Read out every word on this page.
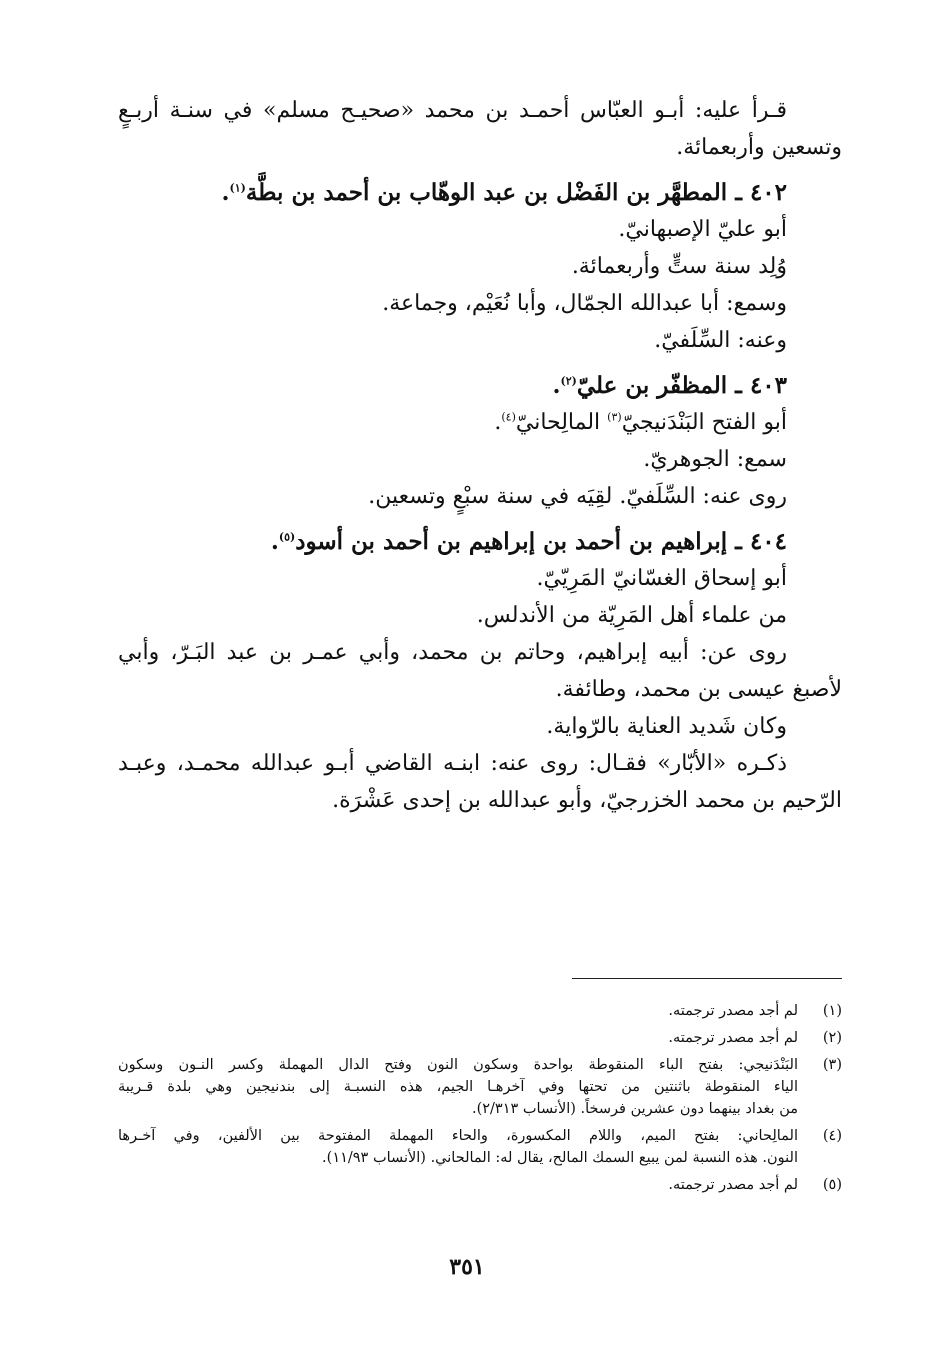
قـرأ عليه: أبـو العبّاس أحمـد بن محمد «صحيـح مسلم» في سنـة أربـعٍ
وتسعين وأربعمائة.
٤٠٢ ـ المطهَّر بن الفَضْل بن عبد الوهّاب بن أحمد بن بطَّة$^{(١)}$.
أبو عليّ الإصبهانيّ.
وُلِد سنة ستٍّ وأربعمائة.
وسمع: أبا عبدالله الجمّال، وأبا نُعَيْم، وجماعة.
وعنه: السِّلَفيّ.
٤٠٣ ـ المظفّر بن عليّ$^{(٢)}$.
أبو الفتح البَنْدَنيجيّ$^{(٣)}$ المالِحانيّ$^{(٤)}$.
سمع: الجوهريّ.
روى عنه: السِّلَفيّ. لقِيَه في سنة سبْعٍ وتسعين.
٤٠٤ ـ إبراهيم بن أحمد بن إبراهيم بن أحمد بن أسود$^{(٥)}$.
أبو إسحاق الغسّانيّ المَرِيّيّ.
من علماء أهل المَرِيّة من الأندلس.
روى عن: أبيه إبراهيم، وحاتم بن محمد، وأبي عمـر بن عبد البَـرّ، وأبي
لأصبغ عيسى بن محمد، وطائفة.
وكان شَديد العناية بالرّواية.
ذكـره «الأبّار» فقـال: روى عنه: ابنـه القاضي أبـو عبدالله محمـد، وعبـد
الرّحيم بن محمد الخزرجيّ، وأبو عبدالله بن إحدى عَشْرَة.
(١)
لم أجد مصدر ترجمته.
(٢)
لم أجد مصدر ترجمته.
(٣)
البَنْدَنيجي: بفتح الباء المنقوطة بواحدة وسكون النون وفتح الدال المهملة وكسر النـون وسكون
الياء المنقوطة باثنتين من تحتها وفي آخرهـا الجيم، هذه النسبـة إلى بندنيجين وهي بلدة قـريبة
من بغداد بينهما دون عشرين فرسخاً. (الأنساب ٢/٣١٣).
(٤)
المالِحاني: بفتح الميم، واللام المكسورة، والحاء المهملة المفتوحة بين الألفين، وفي آخـرها
النون. هذه النسبة لمن يبيع السمك المالح، يقال له: المالحاني. (الأنساب ١١/٩٣).
(٥)
لم أجد مصدر ترجمته.
٣٥١
